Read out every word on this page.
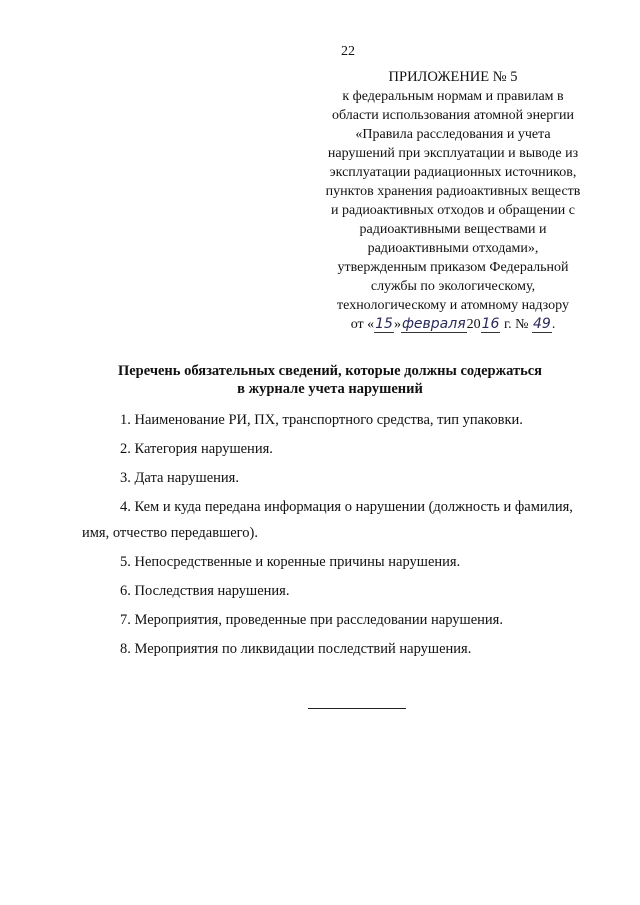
22
ПРИЛОЖЕНИЕ № 5
к федеральным нормам и правилам в
области использования атомной энергии
«Правила расследования и учета
нарушений при эксплуатации и выводе из
эксплуатации радиационных источников,
пунктов хранения радиоактивных веществ
и радиоактивных отходов и обращении с
радиоактивными веществами и
радиоактивными отходами»,
утвержденным приказом Федеральной
службы по экологическому,
технологическому и атомному надзору
от «15»февраля2016 г. № 49.
Перечень обязательных сведений, которые должны содержаться
в журнале учета нарушений

1. Наименование РИ, ПХ, транспортного средства, тип упаковки.

2. Категория нарушения.

3. Дата нарушения.

4. Кем и куда передана информация о нарушении (должность и фамилия, имя, отчество передавшего).

5. Непосредственные и коренные причины нарушения.

6. Последствия нарушения.

7. Мероприятия, проведенные при расследовании нарушения.

8. Мероприятия по ликвидации последствий нарушения.
